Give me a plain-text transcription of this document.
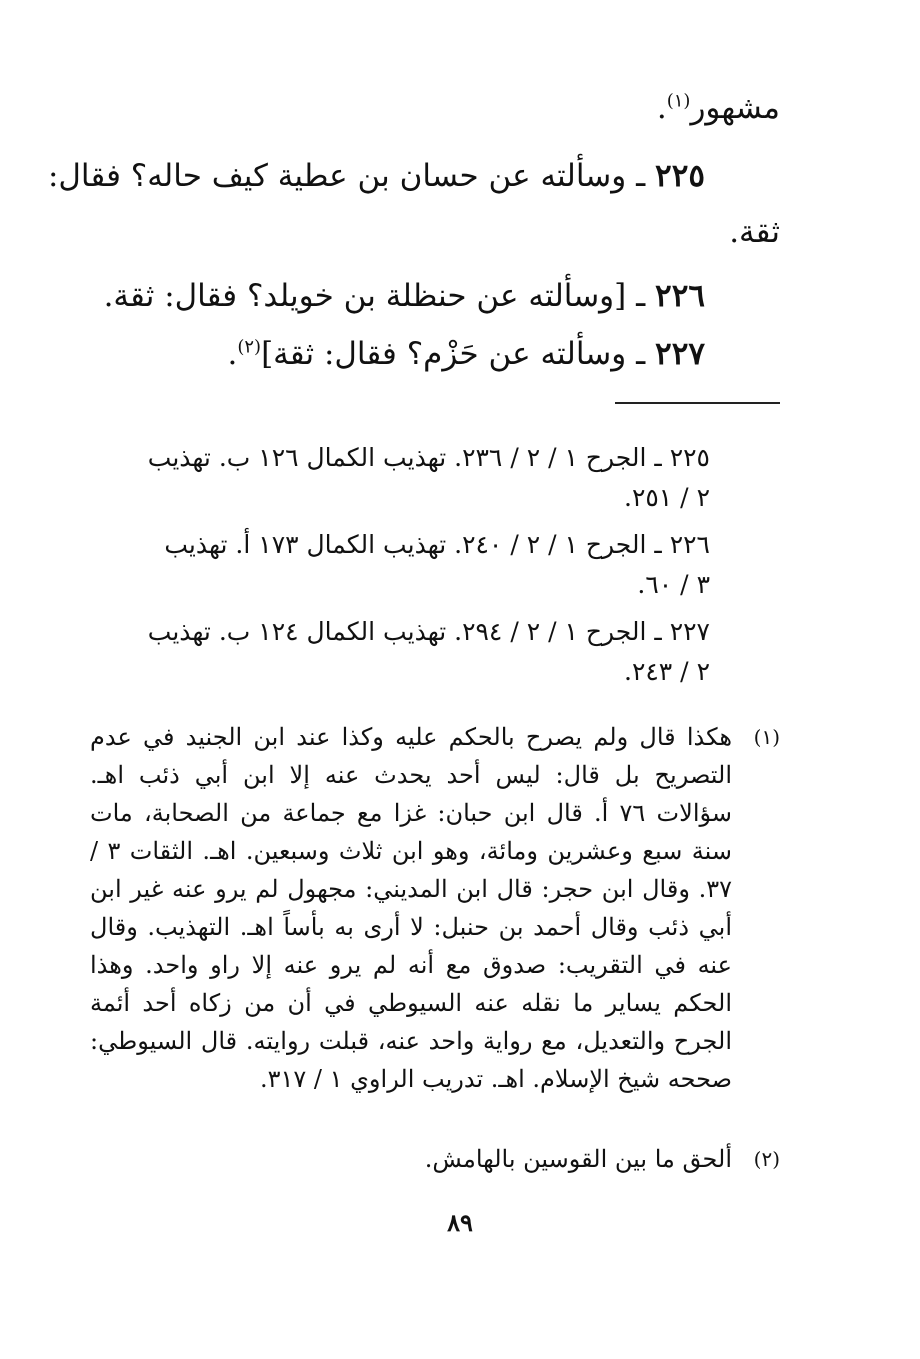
مشهور$^{(١)}$.
٢٢٥ ـ وسألته عن حسان بن عطية كيف حاله؟ فقال:
ثقة.
٢٢٦ ـ [وسألته عن حنظلة بن خويلد؟ فقال: ثقة.
٢٢٧ ـ وسألته عن حَزْم؟ فقال: ثقة]$^{(٢)}$.
٢٢٥ ـ الجرح ١ / ٢ / ٢٣٦. تهذيب الكمال ١٢٦ ب. تهذيب
٢ / ٢٥١.
٢٢٦ ـ الجرح ١ / ٢ / ٢٤٠. تهذيب الكمال ١٧٣ أ. تهذيب
٣ / ٦٠.
٢٢٧ ـ الجرح ١ / ٢ / ٢٩٤. تهذيب الكمال ١٢٤ ب. تهذيب
٢ / ٢٤٣.
(١)
هكذا قال ولم يصرح بالحكم عليه وكذا عند ابن الجنيد في عدم التصريح بل قال: ليس أحد يحدث عنه إلا ابن أبي ذئب اهـ. سؤالات ٧٦ أ. قال ابن حبان: غزا مع جماعة من الصحابة، مات سنة سبع وعشرين ومائة، وهو ابن ثلاث وسبعين. اهـ. الثقات ٣ / ٣٧. وقال ابن حجر: قال ابن المديني: مجهول لم يرو عنه غير ابن أبي ذئب وقال أحمد بن حنبل: لا أرى به بأساً اهـ. التهذيب. وقال عنه في التقريب: صدوق مع أنه لم يرو عنه إلا راو واحد. وهذا الحكم يساير ما نقله عنه السيوطي في أن من زكاه أحد أئمة الجرح والتعديل، مع رواية واحد عنه، قبلت روايته. قال السيوطي: صححه شيخ الإسلام. اهـ. تدريب الراوي ١ / ٣١٧.
(٢)
ألحق ما بين القوسين بالهامش.
٨٩
